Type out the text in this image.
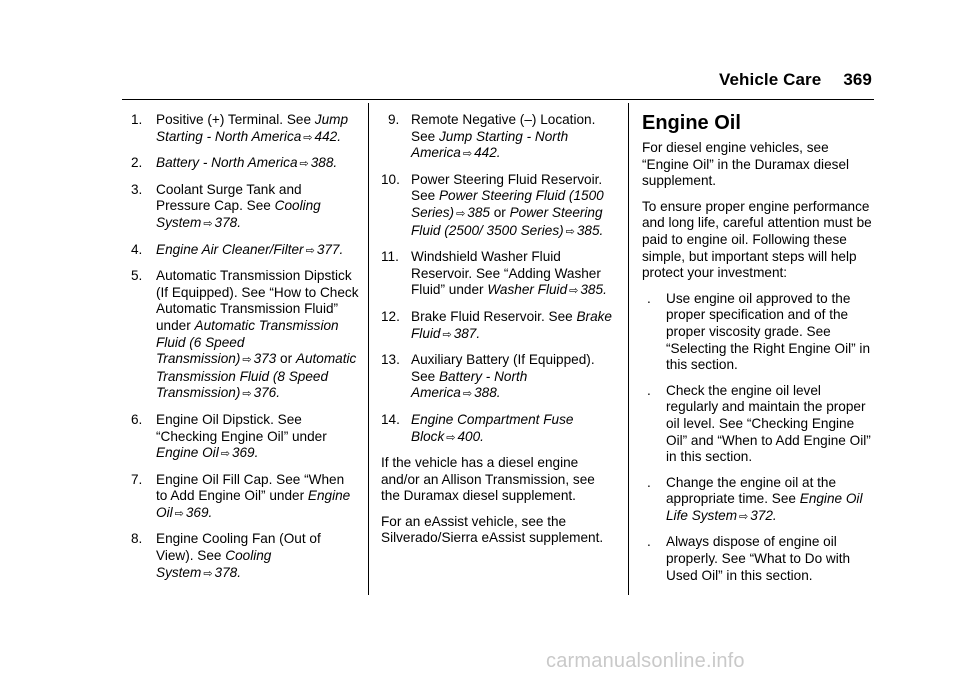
Vehicle Care 369
1.	Positive (+) Terminal. See Jump Starting - North America ⇨ 442.
2.	Battery - North America ⇨ 388.
3.	Coolant Surge Tank and Pressure Cap. See Cooling System ⇨ 378.
4.	Engine Air Cleaner/Filter ⇨ 377.
5.	Automatic Transmission Dipstick (If Equipped). See “How to Check Automatic Transmission Fluid” under Automatic Transmission Fluid (6 Speed Transmission) ⇨ 373 or Automatic Transmission Fluid (8 Speed Transmission) ⇨ 376.
6.	Engine Oil Dipstick. See “Checking Engine Oil” under Engine Oil ⇨ 369.
7.	Engine Oil Fill Cap. See “When to Add Engine Oil” under Engine Oil ⇨ 369.
8.	Engine Cooling Fan (Out of View). See Cooling System ⇨ 378.
9. Remote Negative (–) Location. See Jump Starting - North America ⇨ 442.
10. Power Steering Fluid Reservoir. See Power Steering Fluid (1500 Series) ⇨ 385 or Power Steering Fluid (2500/ 3500 Series) ⇨ 385.
11. Windshield Washer Fluid Reservoir. See “Adding Washer Fluid” under Washer Fluid ⇨ 385.
12. Brake Fluid Reservoir. See Brake Fluid ⇨ 387.
13. Auxiliary Battery (If Equipped). See Battery - North America ⇨ 388.
14. Engine Compartment Fuse Block ⇨ 400.

If the vehicle has a diesel engine and/or an Allison Transmission, see the Duramax diesel supplement.

For an eAssist vehicle, see the Silverado/Sierra eAssist supplement.

Engine Oil

For diesel engine vehicles, see “Engine Oil” in the Duramax diesel supplement.

To ensure proper engine performance and long life, careful attention must be paid to engine oil. Following these simple, but important steps will help protect your investment:

.	Use engine oil approved to the proper specification and of the proper viscosity grade. See “Selecting the Right Engine Oil” in this section.
.	Check the engine oil level regularly and maintain the proper oil level. See “Checking Engine Oil” and “When to Add Engine Oil” in this section.
.	Change the engine oil at the appropriate time. See Engine Oil Life System ⇨ 372.
.	Always dispose of engine oil properly. See “What to Do with Used Oil” in this section.
carmanualsonline.info
